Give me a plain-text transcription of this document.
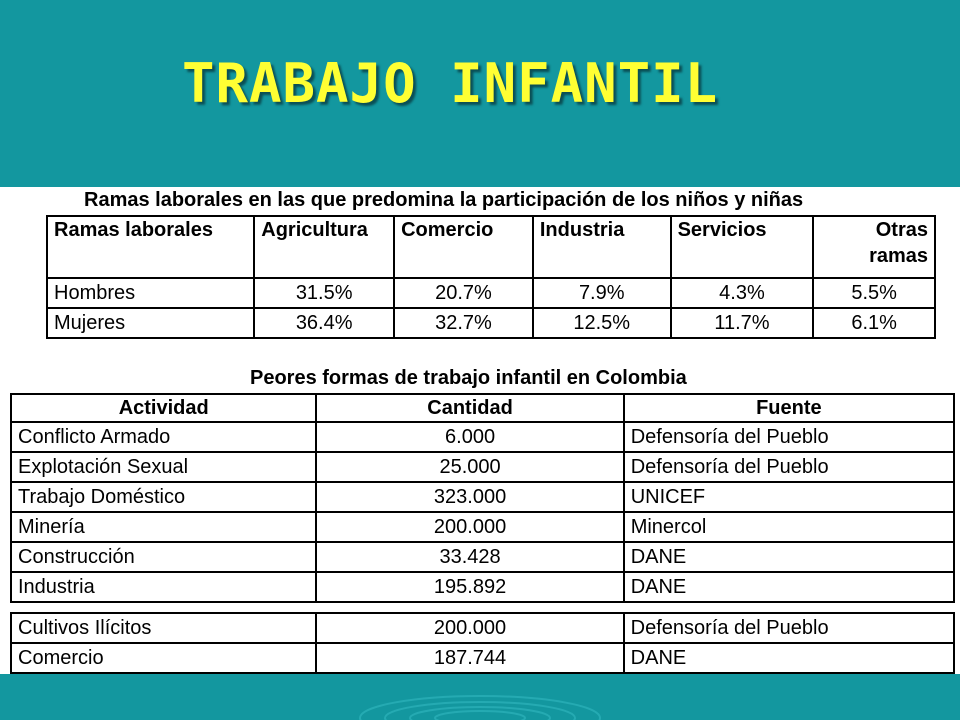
TRABAJO INFANTIL

Ramas laborales en las que predomina la participación de los niños y niñas

Ramas laborales	Agricultura	Comercio	Industria	Servicios	Otras ramas
Hombres	31.5%	20.7%	7.9%	4.3%	5.5%
Mujeres	36.4%	32.7%	12.5%	11.7%	6.1%

Peores formas de trabajo infantil en Colombia

Actividad	Cantidad	Fuente
Conflicto Armado	6.000	Defensoría del Pueblo
Explotación Sexual	25.000	Defensoría del Pueblo
Trabajo Doméstico	323.000	UNICEF
Minería	200.000	Minercol
Construcción	33.428	DANE
Industria	195.892	DANE
Cultivos Ilícitos	200.000	Defensoría del Pueblo
Comercio	187.744	DANE
